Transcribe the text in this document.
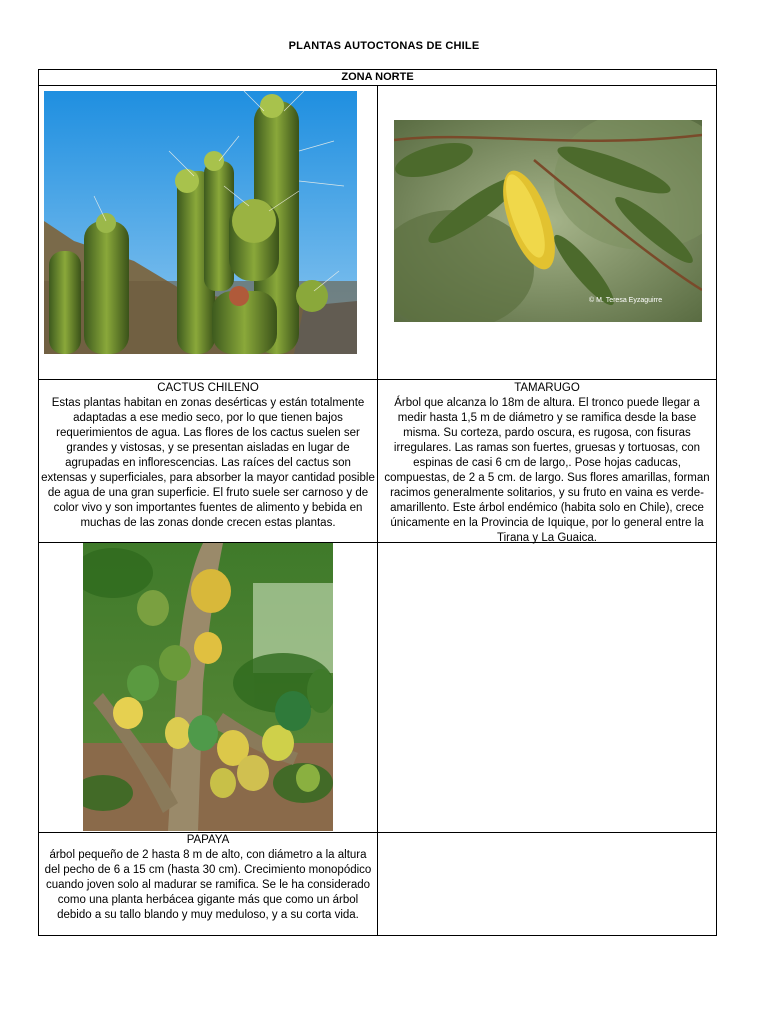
PLANTAS AUTOCTONAS DE CHILE
ZONA NORTE
© M. Teresa Eyzaguirre
CACTUS CHILENO
Estas plantas habitan en zonas desérticas y están totalmente adaptadas a ese medio seco, por lo que tienen bajos requerimientos de agua. Las flores de los cactus suelen ser grandes y vistosas, y se presentan aisladas en lugar de agrupadas en inflorescencias. Las raíces del cactus son extensas y superficiales, para absorber la mayor cantidad posible de agua de una gran superficie. El fruto suele ser carnoso y de color vivo y son importantes fuentes de alimento y bebida en muchas de las zonas donde crecen estas plantas.
TAMARUGO
Árbol que alcanza lo 18m de altura. El tronco puede llegar a medir hasta 1,5 m de diámetro y se ramifica desde la base misma. Su corteza, pardo oscura, es rugosa, con fisuras irregulares. Las ramas son fuertes, gruesas y tortuosas, con espinas de casi 6 cm de largo,. Pose hojas caducas, compuestas, de 2 a 5 cm. de largo. Sus flores amarillas, forman racimos generalmente solitarios, y su fruto en vaina es verde-amarillento. Este árbol endémico (habita solo en Chile), crece únicamente en la Provincia de Iquique, por lo general entre la Tirana y La Guaica.
PAPAYA
árbol pequeño de 2 hasta 8 m de alto, con diámetro a la altura del pecho de 6 a 15 cm (hasta 30 cm). Crecimiento monopódico cuando joven solo al madurar se ramifica. Se le ha considerado como una planta herbácea gigante más que como un árbol debido a su tallo blando y muy meduloso, y a su corta vida.
